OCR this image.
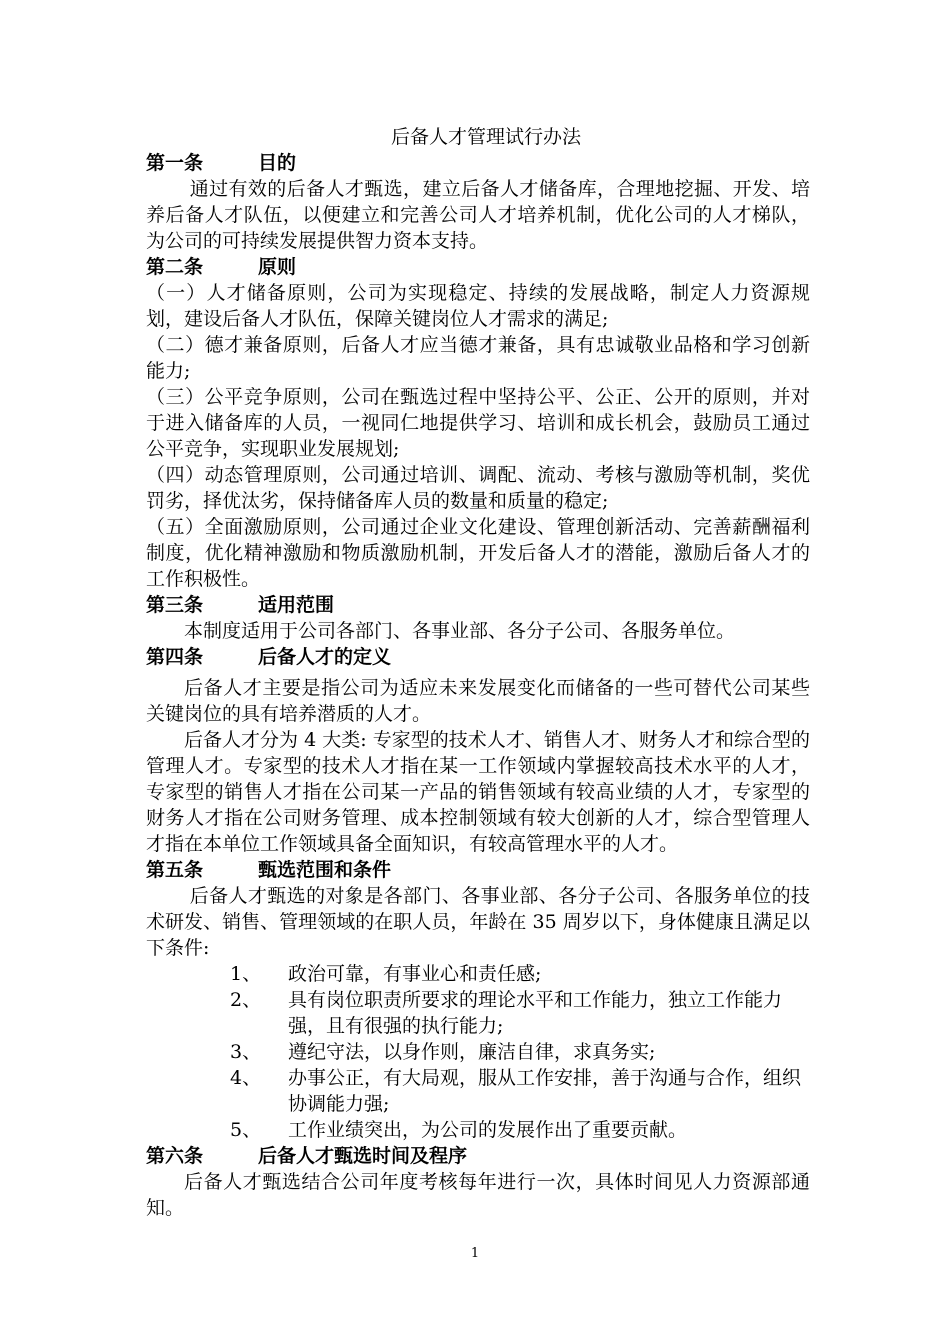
后备人才管理试行办法
第一条	目的
通过有效的后备人才甄选，建立后备人才储备库，合理地挖掘、开发、培养后备人才队伍，以便建立和完善公司人才培养机制，优化公司的人才梯队，为公司的可持续发展提供智力资本支持。
第二条	原则
（一）人才储备原则，公司为实现稳定、持续的发展战略，制定人力资源规划，建设后备人才队伍，保障关键岗位人才需求的满足;
（二）德才兼备原则，后备人才应当德才兼备，具有忠诚敬业品格和学习创新能力;
（三）公平竞争原则，公司在甄选过程中坚持公平、公正、公开的原则，并对于进入储备库的人员，一视同仁地提供学习、培训和成长机会，鼓励员工通过公平竞争，实现职业发展规划;
（四）动态管理原则，公司通过培训、调配、流动、考核与激励等机制，奖优罚劣，择优汰劣，保持储备库人员的数量和质量的稳定;
（五）全面激励原则，公司通过企业文化建设、管理创新活动、完善薪酬福利制度，优化精神激励和物质激励机制，开发后备人才的潜能，激励后备人才的工作积极性。
第三条	适用范围
本制度适用于公司各部门、各事业部、各分子公司、各服务单位。
第四条	后备人才的定义
后备人才主要是指公司为适应未来发展变化而储备的一些可替代公司某些关键岗位的具有培养潜质的人才。
后备人才分为 4 大类: 专家型的技术人才、销售人才、财务人才和综合型的管理人才。专家型的技术人才指在某一工作领域内掌握较高技术水平的人才，专家型的销售人才指在公司某一产品的销售领域有较高业绩的人才，专家型的财务人才指在公司财务管理、成本控制领域有较大创新的人才，综合型管理人才指在本单位工作领域具备全面知识，有较高管理水平的人才。
第五条	甄选范围和条件
后备人才甄选的对象是各部门、各事业部、各分子公司、各服务单位的技术研发、销售、管理领域的在职人员，年龄在 35 周岁以下，身体健康且满足以下条件:
1、 政治可靠，有事业心和责任感;
2、 具有岗位职责所要求的理论水平和工作能力，独立工作能力强，且有很强的执行能力;
3、 遵纪守法，以身作则，廉洁自律，求真务实;
4、 办事公正，有大局观，服从工作安排，善于沟通与合作，组织协调能力强;
5、 工作业绩突出，为公司的发展作出了重要贡献。
第六条	后备人才甄选时间及程序
后备人才甄选结合公司年度考核每年进行一次，具体时间见人力资源部通知。
1
